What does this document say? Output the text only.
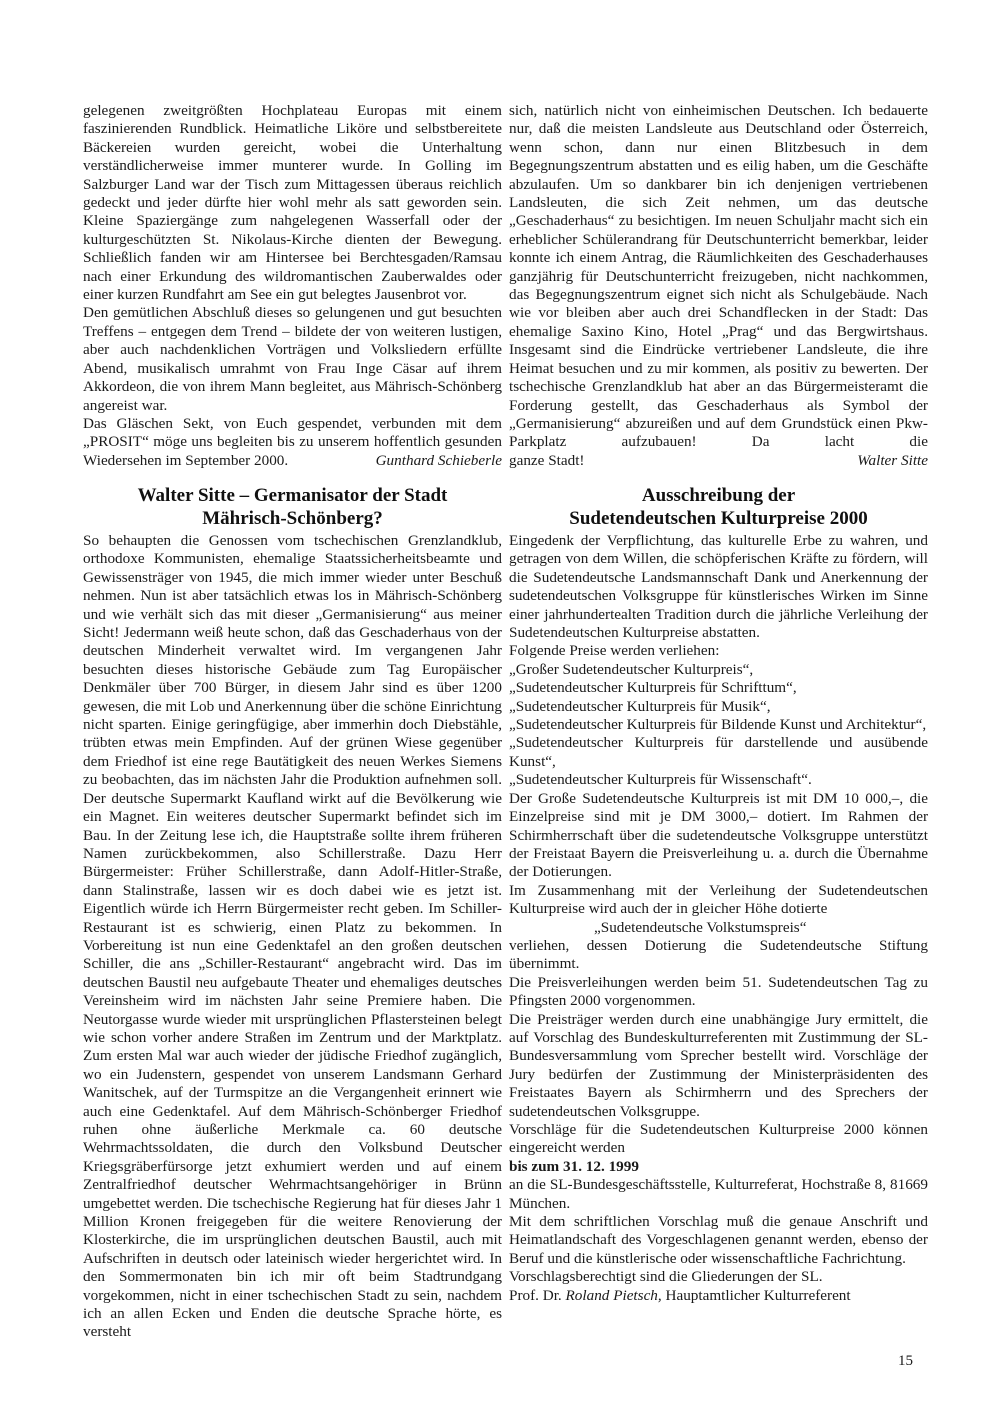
gelegenen zweitgrößten Hochplateau Europas mit einem faszinierenden Rundblick. Heimatliche Liköre und selbstbereitete Bäckereien wurden gereicht, wobei die Unterhaltung verständlicherweise immer munterer wurde. In Golling im Salzburger Land war der Tisch zum Mittagessen überaus reichlich gedeckt und jeder dürfte hier wohl mehr als satt geworden sein. Kleine Spaziergänge zum nahgelegenen Wasserfall oder der kulturgeschützten St. Nikolaus-Kirche dienten der Bewegung. Schließlich fanden wir am Hintersee bei Berchtesgaden/Ramsau nach einer Erkundung des wildromantischen Zauberwaldes oder einer kurzen Rundfahrt am See ein gut belegtes Jausenbrot vor.

Den gemütlichen Abschluß dieses so gelungenen und gut besuchten Treffens – entgegen dem Trend – bildete der von weiteren lustigen, aber auch nachdenklichen Vorträgen und Volksliedern erfüllte Abend, musikalisch umrahmt von Frau Inge Cäsar auf ihrem Akkordeon, die von ihrem Mann begleitet, aus Mährisch-Schönberg angereist war.

Das Gläschen Sekt, von Euch gespendet, verbunden mit dem „PROSIT“ möge uns begleiten bis zu unserem hoffentlich gesunden Wiedersehen im September 2000.	Gunthard Schieberle

sich, natürlich nicht von einheimischen Deutschen. Ich bedauerte nur, daß die meisten Landsleute aus Deutschland oder Österreich, wenn schon, dann nur einen Blitzbesuch in dem Begegnungszentrum abstatten und es eilig haben, um die Geschäfte abzulaufen. Um so dankbarer bin ich denjenigen vertriebenen Landsleuten, die sich Zeit nehmen, um das deutsche „Geschaderhaus“ zu besichtigen. Im neuen Schuljahr macht sich ein erheblicher Schülerandrang für Deutschunterricht bemerkbar, leider konnte ich einem Antrag, die Räumlichkeiten des Geschaderhauses ganzjährig für Deutschunterricht freizugeben, nicht nachkommen, das Begegnungszentrum eignet sich nicht als Schulgebäude. Nach wie vor bleiben aber auch drei Schandflecken in der Stadt: Das ehemalige Saxino Kino, Hotel „Prag“ und das Bergwirtshaus. Insgesamt sind die Eindrücke vertriebener Landsleute, die ihre Heimat besuchen und zu mir kommen, als positiv zu bewerten. Der tschechische Grenzlandklub hat aber an das Bürgermeisteramt die Forderung gestellt, das Geschaderhaus als Symbol der „Germanisierung“ abzureißen und auf dem Grundstück einen Pkw-Parkplatz aufzubauen! Da lacht die

ganze Stadt!	Walter Sitte
Walter Sitte – Germanisator der Stadt
Mährisch-Schönberg?
Ausschreibung der
Sudetendeutschen Kulturpreise 2000

So behaupten die Genossen vom tschechischen Grenzlandklub, orthodoxe Kommunisten, ehemalige Staatssicherheitsbeamte und Gewissensträger von 1945, die mich immer wieder unter Beschuß nehmen. Nun ist aber tatsächlich etwas los in Mährisch-Schönberg und wie verhält sich das mit dieser „Germanisierung“ aus meiner Sicht! Jedermann weiß heute schon, daß das Geschaderhaus von der deutschen Minderheit verwaltet wird. Im vergangenen Jahr besuchten dieses historische Gebäude zum Tag Europäischer Denkmäler über 700 Bürger, in diesem Jahr sind es über 1200 gewesen, die mit Lob und Anerkennung über die schöne Einrichtung nicht sparten. Einige geringfügige, aber immerhin doch Diebstähle, trübten etwas mein Empfinden. Auf der grünen Wiese gegenüber dem Friedhof ist eine rege Bautätigkeit des neuen Werkes Siemens zu beobachten, das im nächsten Jahr die Produktion aufnehmen soll. Der deutsche Supermarkt Kaufland wirkt auf die Bevölkerung wie ein Magnet. Ein weiteres deutscher Supermarkt befindet sich im Bau. In der Zeitung lese ich, die Hauptstraße sollte ihrem früheren Namen zurückbekommen, also Schillerstraße. Dazu Herr Bürgermeister: Früher Schillerstraße, dann Adolf-Hitler-Straße, dann Stalinstraße, lassen wir es doch dabei wie es jetzt ist. Eigentlich würde ich Herrn Bürgermeister recht geben. Im Schiller-Restaurant ist es schwierig, einen Platz zu bekommen. In Vorbereitung ist nun eine Gedenktafel an den großen deutschen Schiller, die ans „Schiller-Restaurant“ angebracht wird. Das im deutschen Baustil neu aufgebaute Theater und ehemaliges deutsches Vereinsheim wird im nächsten Jahr seine Premiere haben. Die Neutorgasse wurde wieder mit ursprünglichen Pflastersteinen belegt wie schon vorher andere Straßen im Zentrum und der Marktplatz. Zum ersten Mal war auch wieder der jüdische Friedhof zugänglich, wo ein Judenstern, gespendet von unserem Landsmann Gerhard Wanitschek, auf der Turmspitze an die Vergangenheit erinnert wie auch eine Gedenktafel. Auf dem Mährisch-Schönberger Friedhof ruhen ohne äußerliche Merkmale ca. 60 deutsche Wehrmachtssoldaten, die durch den Volksbund Deutscher Kriegsgräberfürsorge jetzt exhumiert werden und auf einem Zentralfriedhof deutscher Wehrmachtsangehöriger in Brünn umgebettet werden. Die tschechische Regierung hat für dieses Jahr 1 Million Kronen freigegeben für die weitere Renovierung der Klosterkirche, die im ursprünglichen deutschen Baustil, auch mit Aufschriften in deutsch oder lateinisch wieder hergerichtet wird. In den Sommermonaten bin ich mir oft beim Stadtrundgang vorgekommen, nicht in einer tschechischen Stadt zu sein, nachdem ich an allen Ecken und Enden die deutsche Sprache hörte, es versteht

Eingedenk der Verpflichtung, das kulturelle Erbe zu wahren, und getragen von dem Willen, die schöpferischen Kräfte zu fördern, will die Sudetendeutsche Landsmannschaft Dank und Anerkennung der sudetendeutschen Volksgruppe für künstlerisches Wirken im Sinne einer jahrhundertealten Tradition durch die jährliche Verleihung der Sudetendeutschen Kulturpreise abstatten.

Folgende Preise werden verliehen:

„Großer Sudetendeutscher Kulturpreis“,

„Sudetendeutscher Kulturpreis für Schrifttum“,

„Sudetendeutscher Kulturpreis für Musik“,

„Sudetendeutscher Kulturpreis für Bildende Kunst und Architektur“,

„Sudetendeutscher Kulturpreis für darstellende und ausübende Kunst“,

„Sudetendeutscher Kulturpreis für Wissenschaft“.

Der Große Sudetendeutsche Kulturpreis ist mit DM 10 000,–, die Einzelpreise sind mit je DM 3000,– dotiert. Im Rahmen der Schirmherrschaft über die sudetendeutsche Volksgruppe unterstützt der Freistaat Bayern die Preisverleihung u. a. durch die Übernahme der Dotierungen.

Im Zusammenhang mit der Verleihung der Sudetendeutschen Kulturpreise wird auch der in gleicher Höhe dotierte

„Sudetendeutsche Volkstumspreis“

verliehen, dessen Dotierung die Sudetendeutsche Stiftung übernimmt.

Die Preisverleihungen werden beim 51. Sudetendeutschen Tag zu Pfingsten 2000 vorgenommen.

Die Preisträger werden durch eine unabhängige Jury ermittelt, die auf Vorschlag des Bundeskulturreferenten mit Zustimmung der SL-Bundesversammlung vom Sprecher bestellt wird. Vorschläge der Jury bedürfen der Zustimmung der Ministerpräsidenten des Freistaates Bayern als Schirmherrn und des Sprechers der sudetendeutschen Volksgruppe.

Vorschläge für die Sudetendeutschen Kulturpreise 2000 können eingereicht werden

bis zum 31. 12. 1999

an die SL-Bundesgeschäftsstelle, Kulturreferat, Hochstraße 8, 81669 München.

Mit dem schriftlichen Vorschlag muß die genaue Anschrift und Heimatlandschaft des Vorgeschlagenen genannt werden, ebenso der Beruf und die künstlerische oder wissenschaftliche Fachrichtung.

Vorschlagsberechtigt sind die Gliederungen der SL.

Prof. Dr. Roland Pietsch, Hauptamtlicher Kulturreferent

15
